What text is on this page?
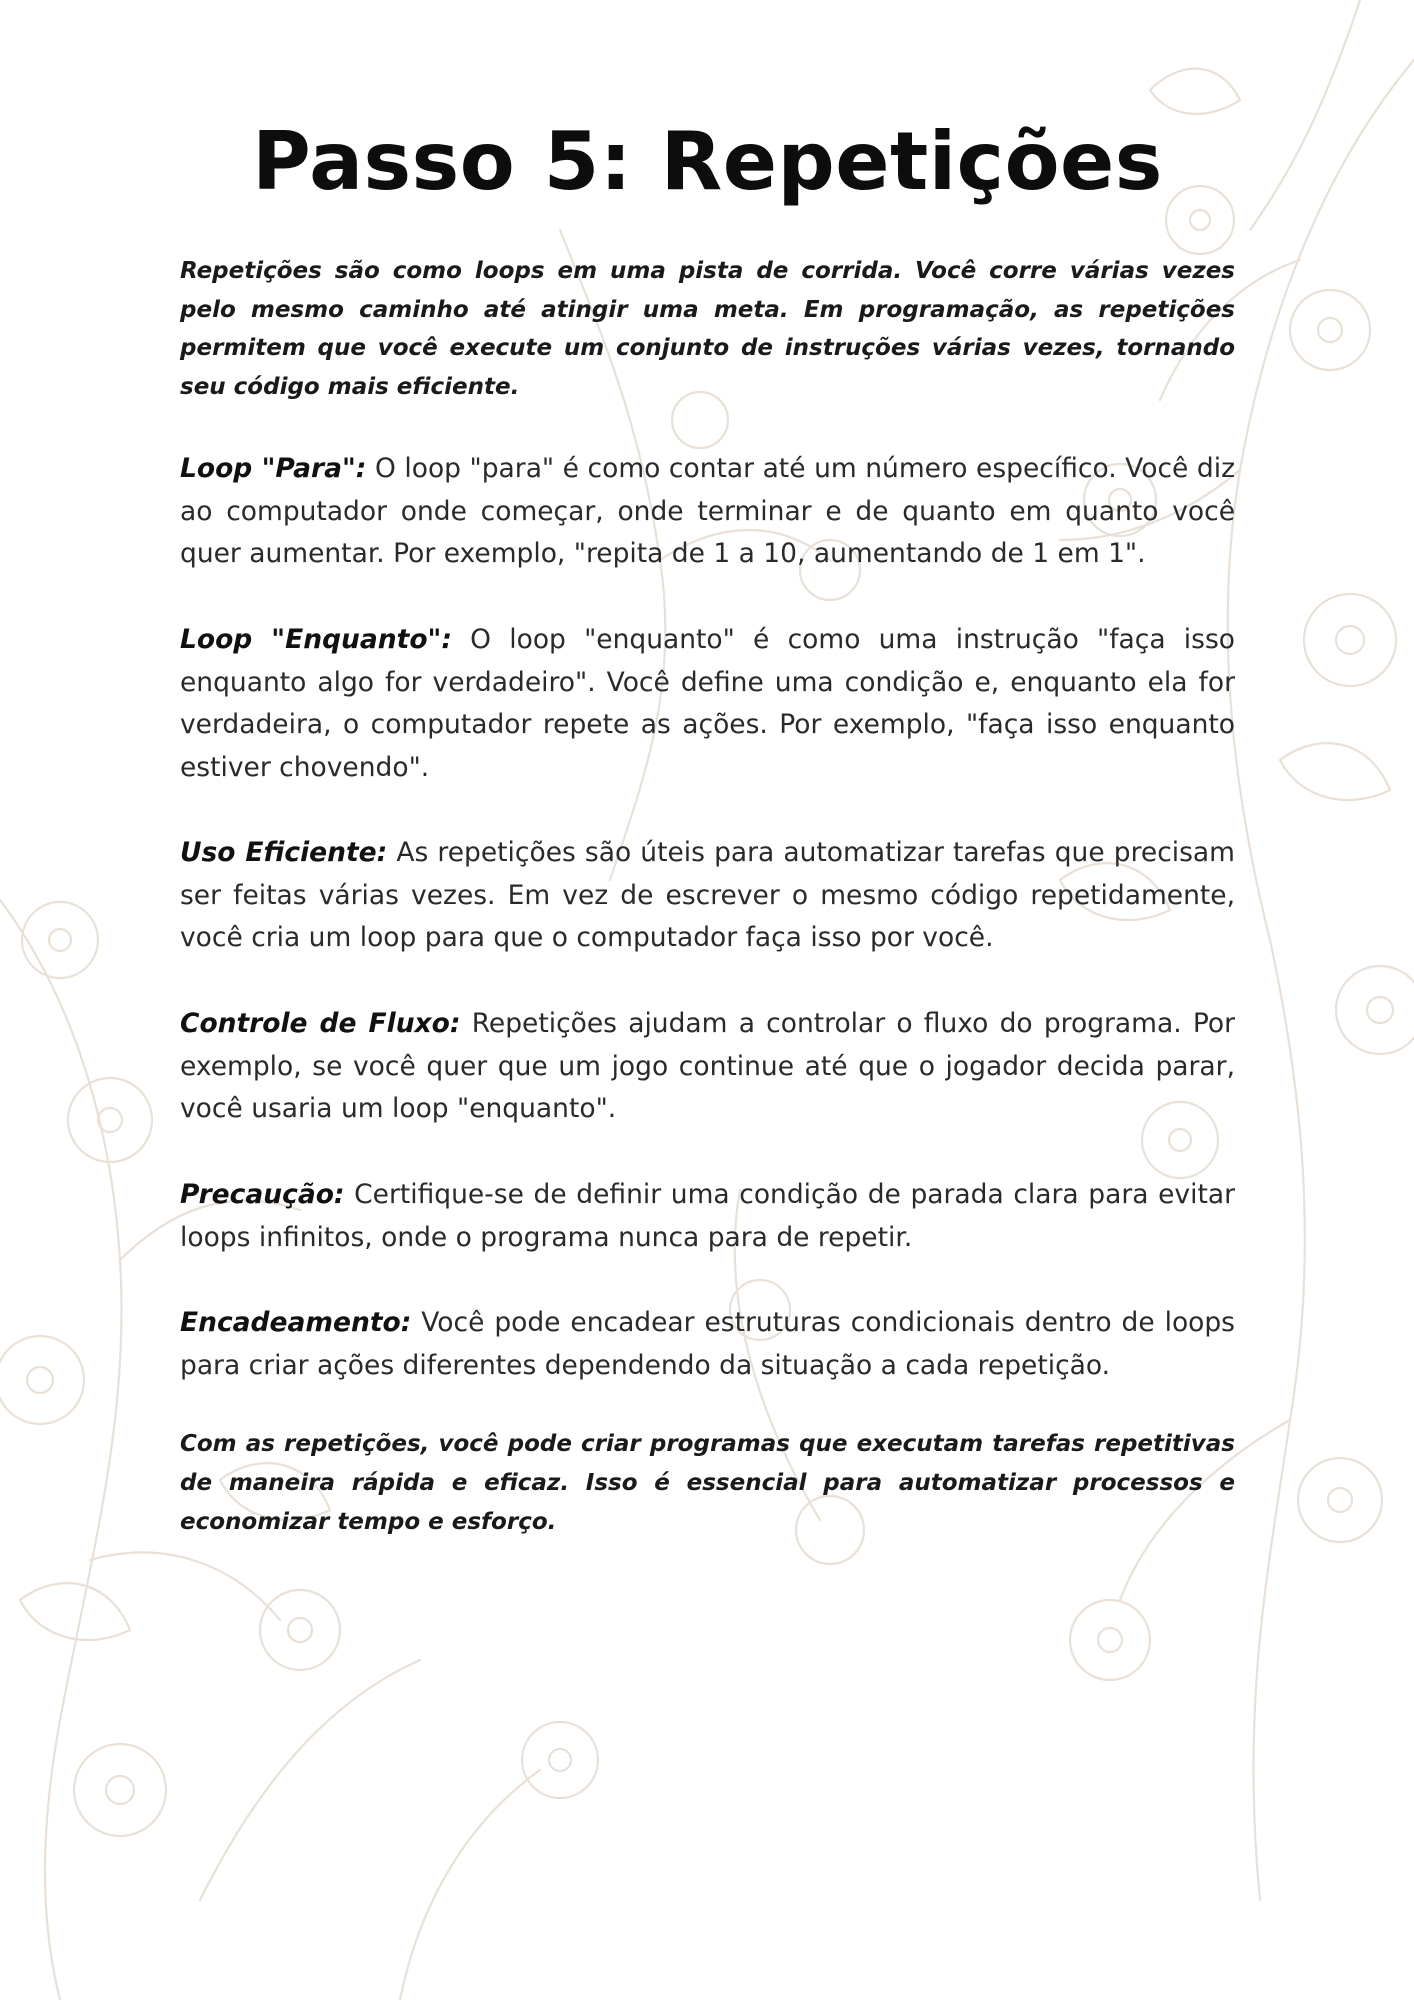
Passo 5: Repetições

Repetições são como loops em uma pista de corrida. Você corre várias vezes pelo mesmo caminho até atingir uma meta. Em programação, as repetições permitem que você execute um conjunto de instruções várias vezes, tornando seu código mais eficiente.

Loop "Para": O loop "para" é como contar até um número específico. Você diz ao computador onde começar, onde terminar e de quanto em quanto você quer aumentar. Por exemplo, "repita de 1 a 10, aumentando de 1 em 1".

Loop "Enquanto": O loop "enquanto" é como uma instrução "faça isso enquanto algo for verdadeiro". Você define uma condição e, enquanto ela for verdadeira, o computador repete as ações. Por exemplo, "faça isso enquanto estiver chovendo".

Uso Eficiente: As repetições são úteis para automatizar tarefas que precisam ser feitas várias vezes. Em vez de escrever o mesmo código repetidamente, você cria um loop para que o computador faça isso por você.

Controle de Fluxo: Repetições ajudam a controlar o fluxo do programa. Por exemplo, se você quer que um jogo continue até que o jogador decida parar, você usaria um loop "enquanto".

Precaução: Certifique-se de definir uma condição de parada clara para evitar loops infinitos, onde o programa nunca para de repetir.

Encadeamento: Você pode encadear estruturas condicionais dentro de loops para criar ações diferentes dependendo da situação a cada repetição.

Com as repetições, você pode criar programas que executam tarefas repetitivas de maneira rápida e eficaz. Isso é essencial para automatizar processos e economizar tempo e esforço.
